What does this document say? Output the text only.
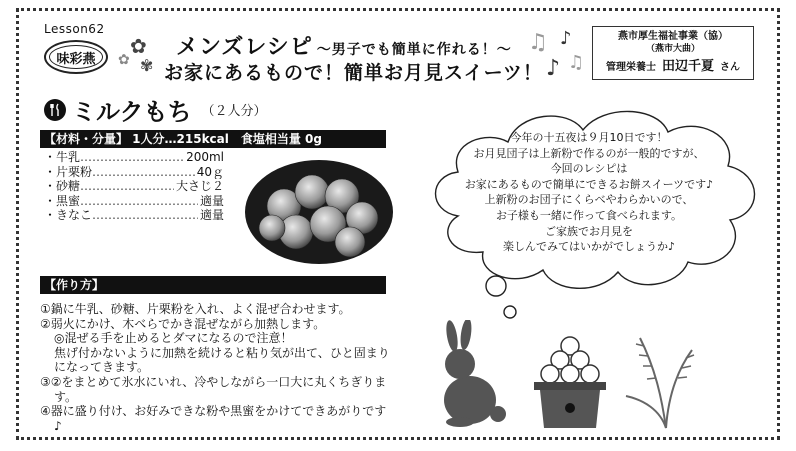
Lesson62
味彩燕
✿
✾
✿ メンズレシピ ～男子でも簡単に作れる！～
お家にあるもので！簡単お月見スイーツ！
♫ ♪
♪ ♫
燕市厚生福祉事業（協）
（燕市大曲）
管理栄養士 田辺千夏 さん
ミルクもち （２人分）
【材料・分量】 1人分…215kcal　食塩相当量 0g
・牛乳 ……………………………………	200ml
・片栗粉 ……………………………………	40ｇ
・砂糖 ……………………………………	大さじ２
・黒蜜 ……………………………………	適量
・きなこ ……………………………………	適量
【作り方】
①鍋に牛乳、砂糖、片栗粉を入れ、よく混ぜ合わせます。
②弱火にかけ、木べらでかき混ぜながら加熱します。
◎混ぜる手を止めるとダマになるので注意！
焦げ付かないように加熱を続けると粘り気が出て、ひと固まりになってきます。
③②をまとめて氷水にいれ、冷やしながら一口大に丸くちぎります。
④器に盛り付け、お好みできな粉や黒蜜をかけてできあがりです♪
今年の十五夜は９月10日です！
お月見団子は上新粉で作るのが一般的ですが、
今回のレシピは
お家にあるもので簡単にできるお餅スイーツです♪
上新粉のお団子にくらべやわらかいので、
お子様も一緒に作って食べられます。
ご家族でお月見を
楽しんでみてはいかがでしょうか♪
